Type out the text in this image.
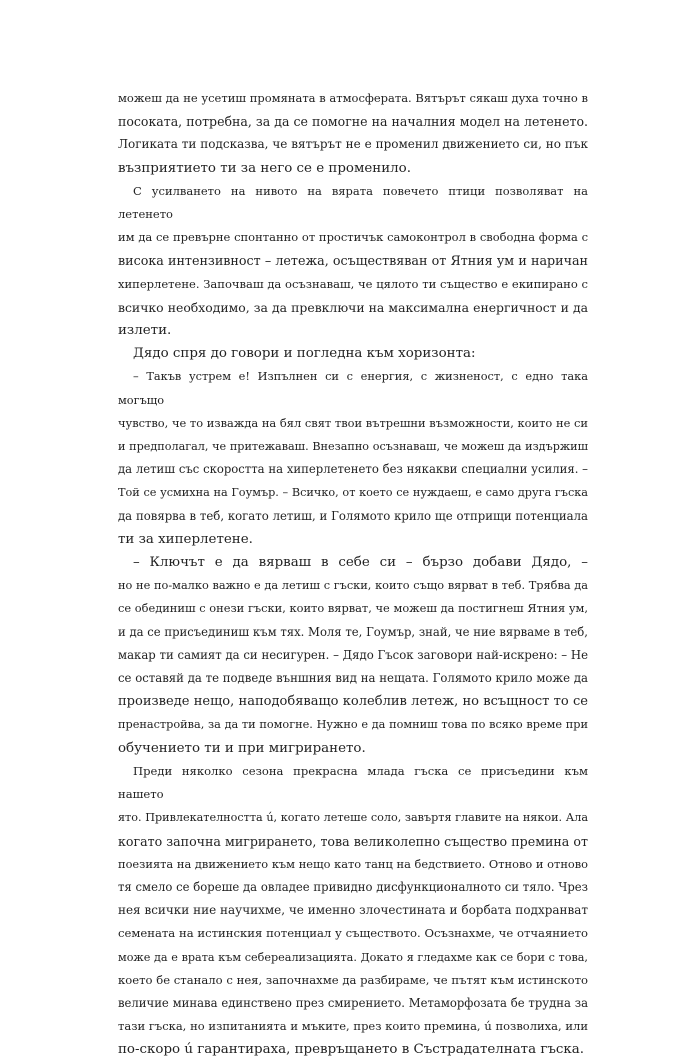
можеш да не усетиш промяната в атмосферата. Вятърът сякаш духа точно в
посоката, потребна, за да се помогне на началния модел на летенето.
Логиката ти подсказва, че вятърът не е променил движението си, но пък
възприятието ти за него се е променило.
С усилването на нивото на вярата повечето птици позволяват на летенето
им да се превърне спонтанно от простичък самоконтрол в свободна форма с
висока интензивност – летежа, осъществяван от Ятния ум и наричан
хиперлетене. Започваш да осъзнаваш, че цялото ти същество е екипирано с
всичко необходимо, за да превключи на максимална енергичност и да
излети.
Дядо спря до говори и погледна към хоризонта:
– Такъв устрем е! Изпълнен си с енергия, с жизненост, с едно така могъщо
чувство, че то изважда на бял свят твои вътрешни възможности, които не си
и предполагал, че притежаваш. Внезапно осъзнаваш, че можеш да издържиш
да летиш със скоростта на хиперлетенето без някакви специални усилия. –
Той се усмихна на Гоумър. – Всичко, от което се нуждаеш, е само друга гъска
да повярва в теб, когато летиш, и Голямото крило ще отприщи потенциала
ти за хиперлетене.
– Ключът е да вярваш в себе си – бързо добави Дядо, –
но не по-малко важно е да летиш с гъски, които също вярват в теб. Трябва да
се обединиш с онези гъски, които вярват, че можеш да постигнеш Ятния ум,
и да се присъединиш към тях. Моля те, Гоумър, знай, че ние вярваме в теб,
макар ти самият да си несигурен. – Дядо Гъсок заговори най-искрено: – Не
се оставяй да те подведе външния вид на нещата. Голямото крило може да
произведе нещо, наподобяващо колеблив летеж, но всъщност то се
пренастройва, за да ти помогне. Нужно е да помниш това по всяко време при
обучението ти и при мигрирането.
Преди няколко сезона прекрасна млада гъска се присъедини към нашето
ято. Привлекателността ú, когато летеше соло, завъртя главите на някои. Ала
когато започна мигрирането, това великолепно същество премина от
поезията на движението към нещо като танц на бедствието. Отново и отново
тя смело се бореше да овладее привидно дисфункционалното си тяло. Чрез
нея всички ние научихме, че именно злочестината и борбата подхранват
семената на истинския потенциал у съществото. Осъзнахме, че отчаянието
може да е врата към себереализацията. Докато я гледахме как се бори с това,
което бе станало с нея, започнахме да разбираме, че пътят към истинското
величие минава единствено през смирението. Метаморфозата бе трудна за
тази гъска, но изпитанията и мъките, през които премина, ú позволиха, или
по-скоро ú гарантираха, превръщането в Състрадателната гъска.
